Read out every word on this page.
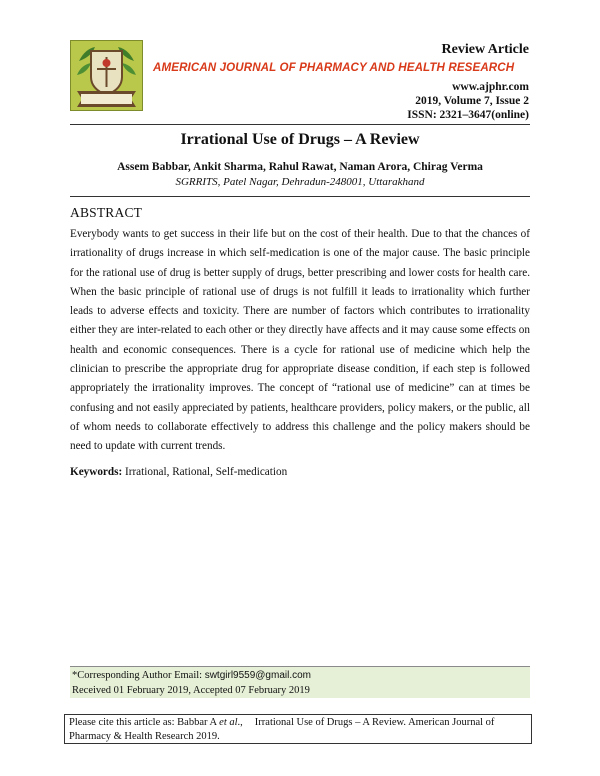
Review Article
AMERICAN JOURNAL OF PHARMACY AND HEALTH RESEARCH
www.ajphr.com
2019, Volume 7, Issue 2
ISSN: 2321–3647(online)
Irrational Use of Drugs – A Review
Assem Babbar, Ankit Sharma, Rahul Rawat, Naman Arora, Chirag Verma
SGRRITS, Patel Nagar, Dehradun-248001, Uttarakhand
ABSTRACT
Everybody wants to get success in their life but on the cost of their health. Due to that the chances of irrationality of drugs increase in which self-medication is one of the major cause. The basic principle for the rational use of drug is better supply of drugs, better prescribing and lower costs for health care. When the basic principle of rational use of drugs is not fulfill it leads to irrationality which further leads to adverse effects and toxicity. There are number of factors which contributes to irrationality either they are inter-related to each other or they directly have affects and it may cause some effects on health and economic consequences. There is a cycle for rational use of medicine which help the clinician to prescribe the appropriate drug for appropriate disease condition, if each step is followed appropriately the irrationality improves. The concept of “rational use of medicine” can at times be confusing and not easily appreciated by patients, healthcare providers, policy makers, or the public, all of whom needs to collaborate effectively to address this challenge and the policy makers should be need to update with current trends.
Keywords: Irrational, Rational, Self-medication
*Corresponding Author Email: swtgirl9559@gmail.com
Received 01 February 2019, Accepted 07 February 2019
Please cite this article as: Babbar A et al., Irrational Use of Drugs – A Review. American Journal of Pharmacy & Health Research 2019.
